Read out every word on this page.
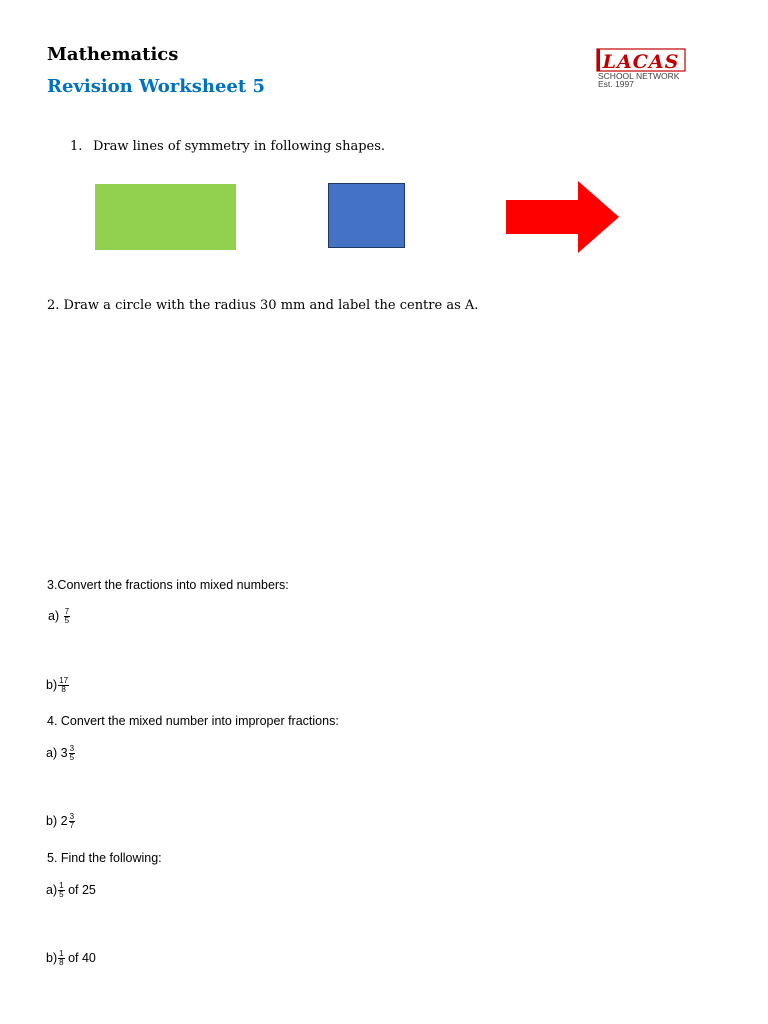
Mathematics
Revision Worksheet 5
LACAS
SCHOOL NETWORK
Est. 1997
1. Draw lines of symmetry in following shapes.
2. Draw a circle with the radius 30 mm and label the centre as A.
3.Convert the fractions into mixed numbers:
$a) \frac{7}{5}$
$b) \frac{17}{8}$
4. Convert the mixed number into improper fractions:
a) $3 \frac{3}{5}$
b) $2 \frac{3}{7}$
5. Find the following:
$a) \frac{1}{5}$ of 25
$b) \frac{1}{8}$ of 40
